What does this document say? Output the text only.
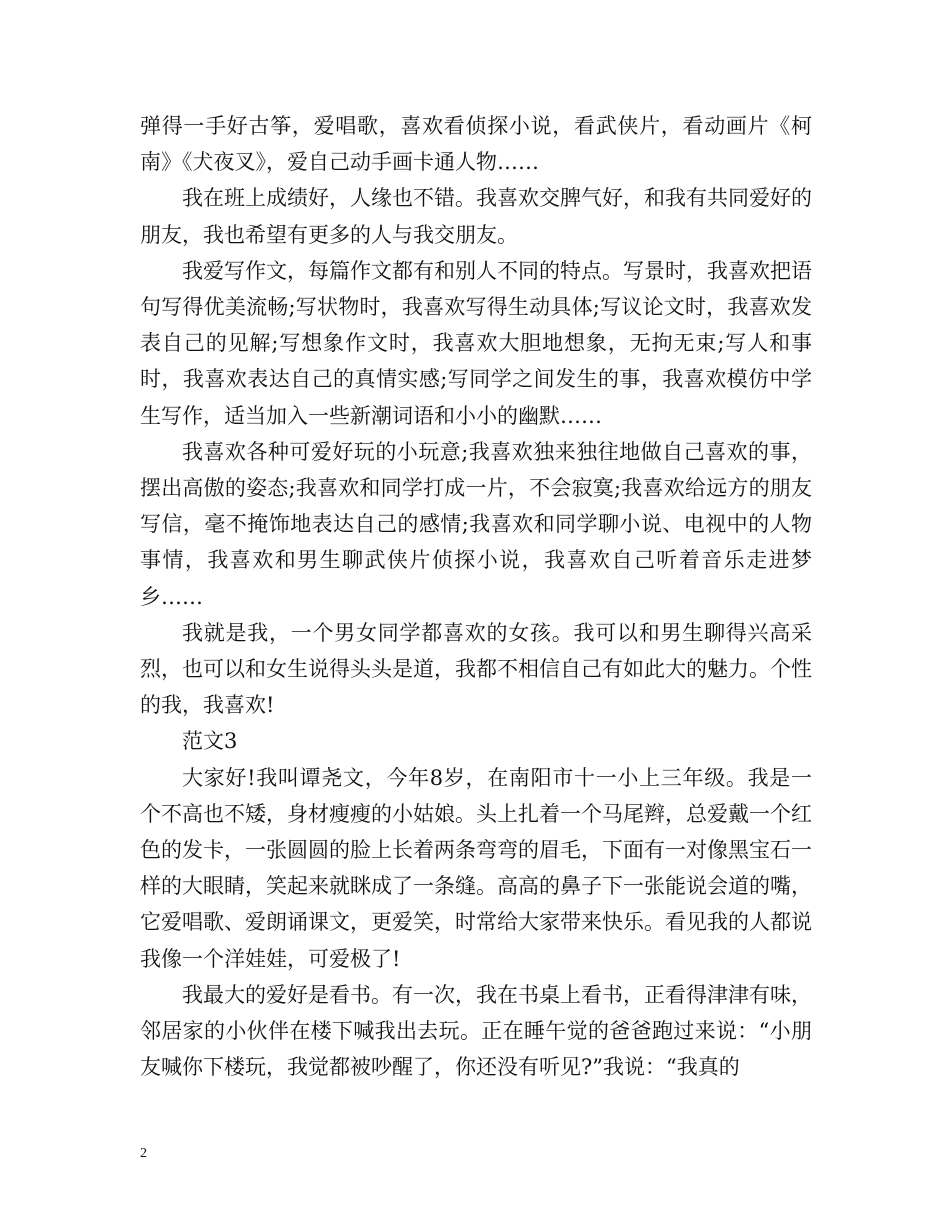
弹得一手好古筝，爱唱歌，喜欢看侦探小说，看武侠片，看动画片《柯南》《犬夜叉》，爱自己动手画卡通人物……

我在班上成绩好，人缘也不错。我喜欢交脾气好，和我有共同爱好的朋友，我也希望有更多的人与我交朋友。

我爱写作文，每篇作文都有和别人不同的特点。写景时，我喜欢把语句写得优美流畅;写状物时，我喜欢写得生动具体;写议论文时，我喜欢发表自己的见解;写想象作文时，我喜欢大胆地想象，无拘无束;写人和事时，我喜欢表达自己的真情实感;写同学之间发生的事，我喜欢模仿中学生写作，适当加入一些新潮词语和小小的幽默……

我喜欢各种可爱好玩的小玩意;我喜欢独来独往地做自己喜欢的事，摆出高傲的姿态;我喜欢和同学打成一片，不会寂寞;我喜欢给远方的朋友写信，毫不掩饰地表达自己的感情;我喜欢和同学聊小说、电视中的人物事情，我喜欢和男生聊武侠片侦探小说，我喜欢自己听着音乐走进梦乡……

我就是我，一个男女同学都喜欢的女孩。我可以和男生聊得兴高采烈，也可以和女生说得头头是道，我都不相信自己有如此大的魅力。个性的我，我喜欢!

范文3

大家好!我叫谭尧文，今年8岁，在南阳市十一小上三年级。我是一个不高也不矮，身材瘦瘦的小姑娘。头上扎着一个马尾辫，总爱戴一个红色的发卡，一张圆圆的脸上长着两条弯弯的眉毛，下面有一对像黑宝石一样的大眼睛，笑起来就眯成了一条缝。高高的鼻子下一张能说会道的嘴，它爱唱歌、爱朗诵课文，更爱笑，时常给大家带来快乐。看见我的人都说我像一个洋娃娃，可爱极了!

我最大的爱好是看书。有一次，我在书桌上看书，正看得津津有味，邻居家的小伙伴在楼下喊我出去玩。正在睡午觉的爸爸跑过来说：“小朋友喊你下楼玩，我觉都被吵醒了，你还没有听见?”我说：“我真的

2
